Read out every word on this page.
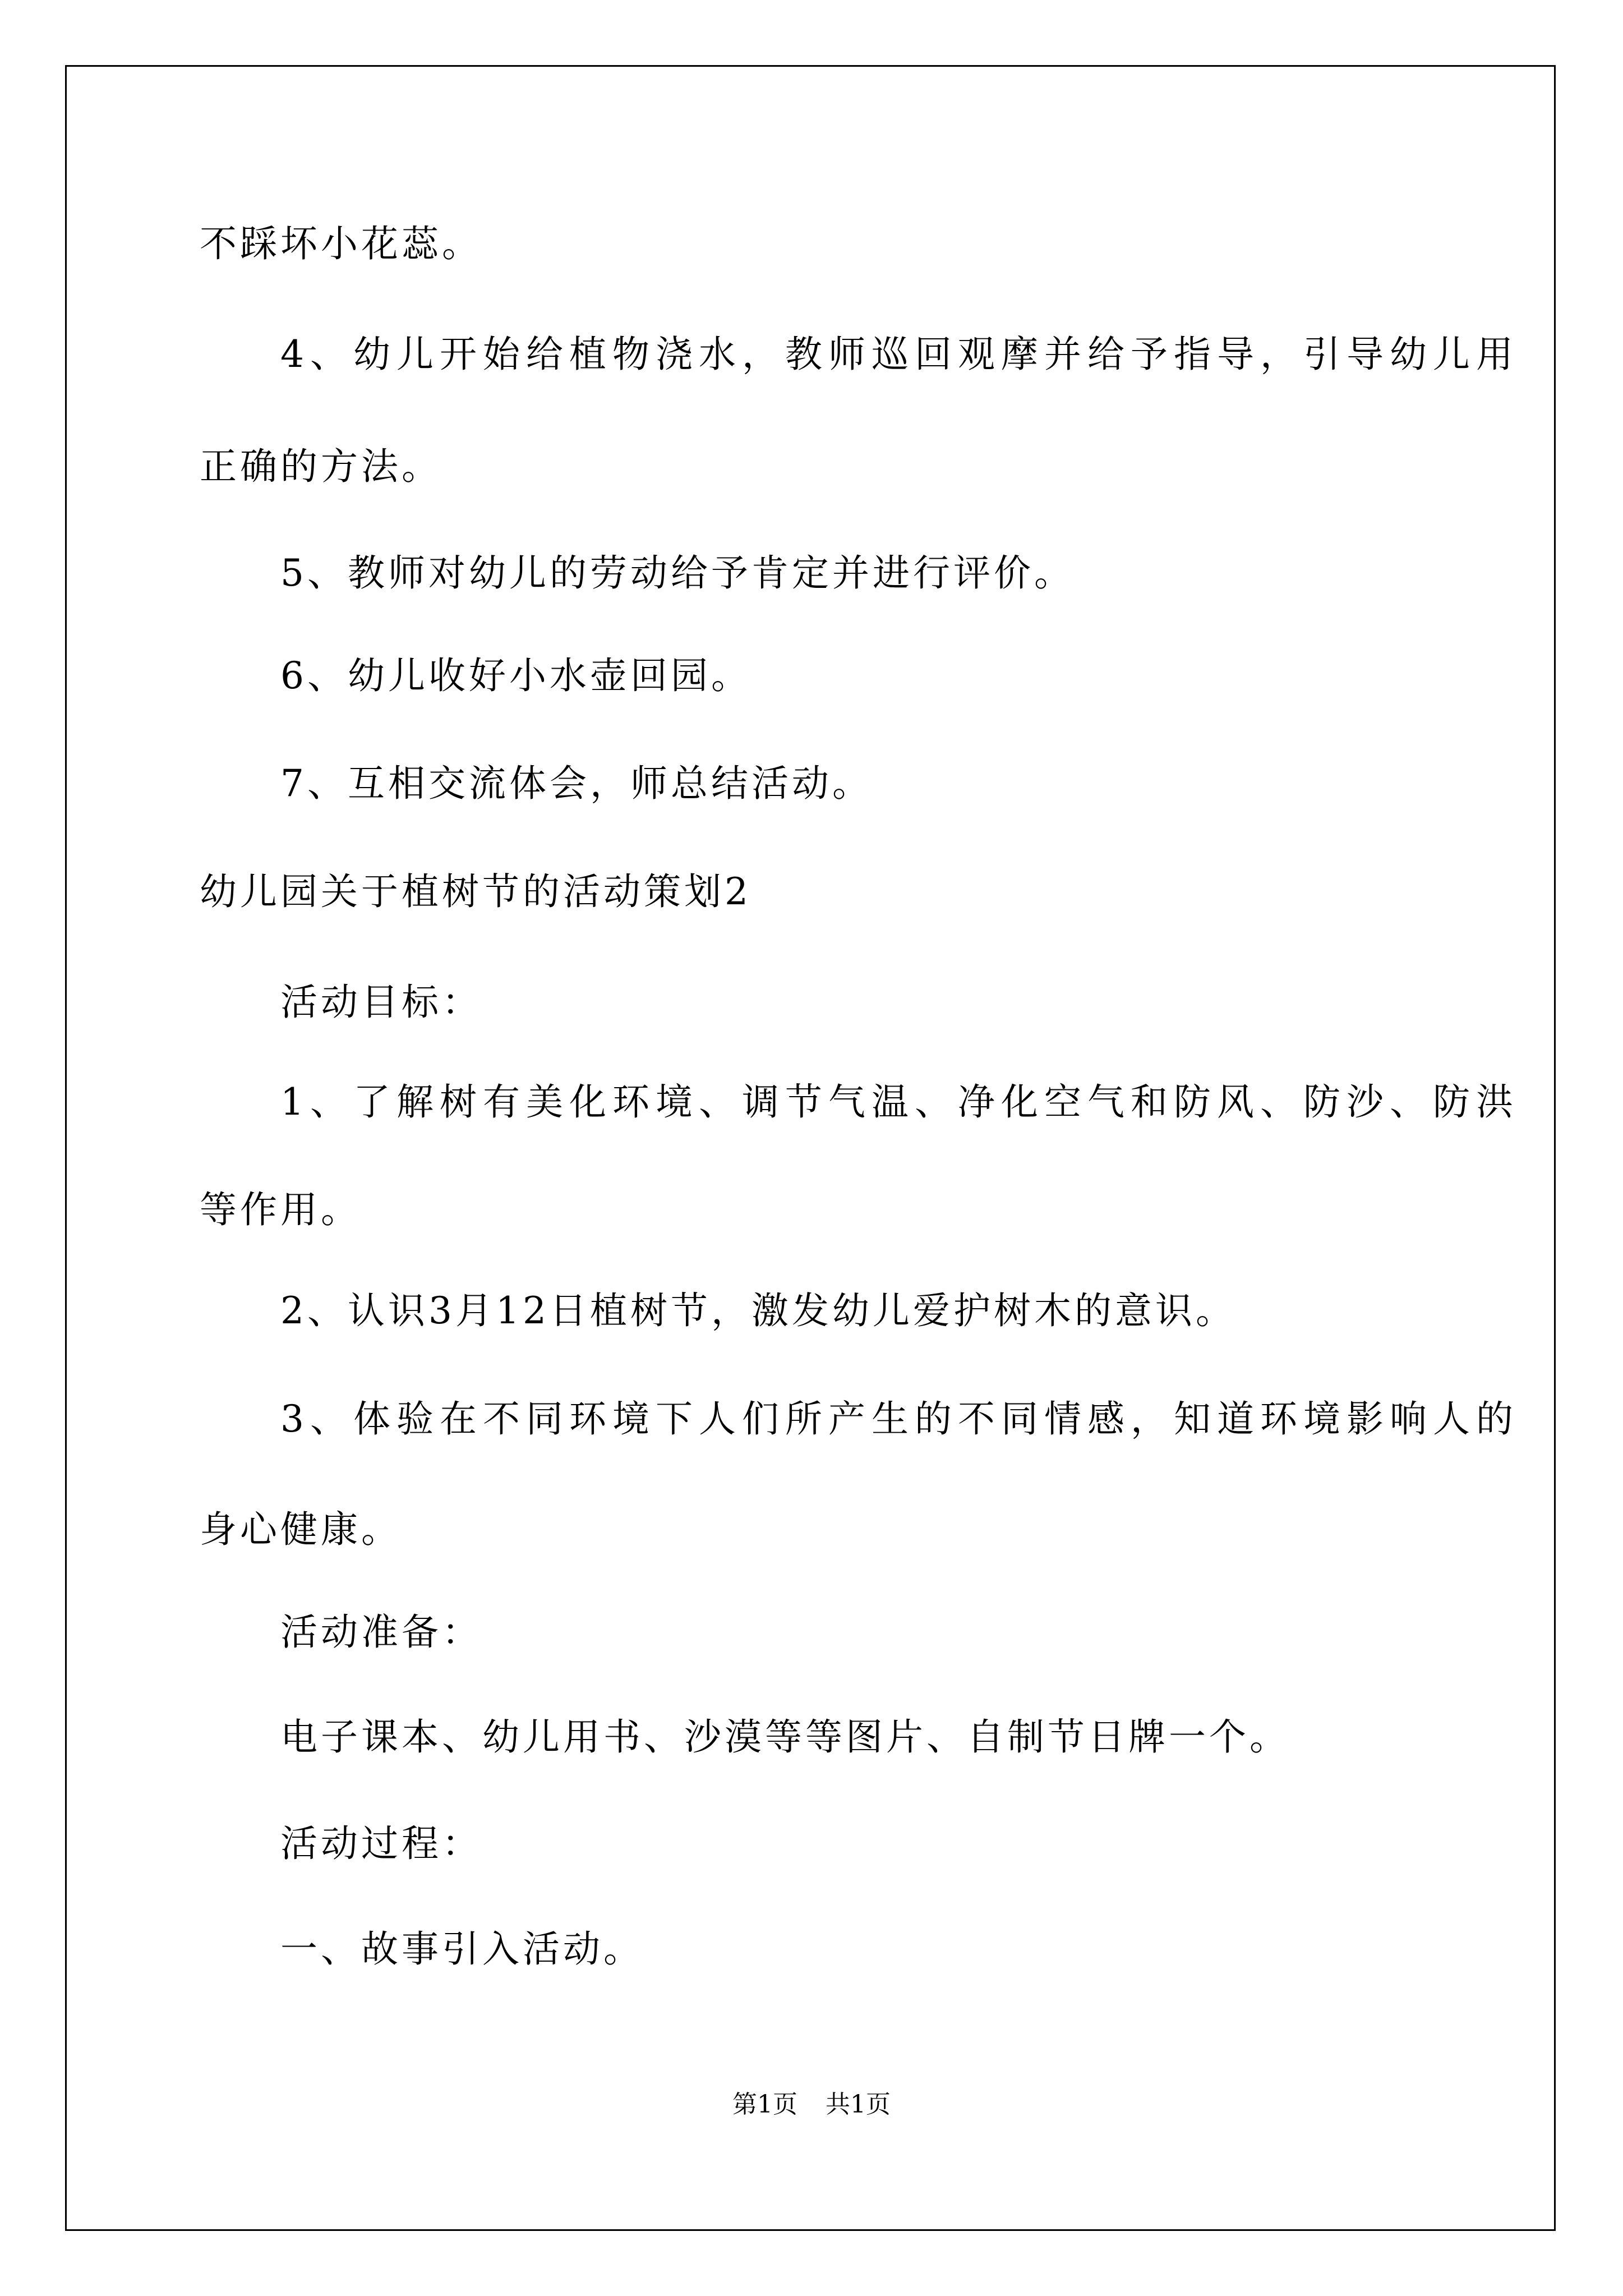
不踩坏小花蕊。

4、幼儿开始给植物浇水，教师巡回观摩并给予指导，引导幼儿用

正确的方法。

5、教师对幼儿的劳动给予肯定并进行评价。

6、幼儿收好小水壶回园。

7、互相交流体会，师总结活动。

幼儿园关于植树节的活动策划2

活动目标：

1、了解树有美化环境、调节气温、净化空气和防风、防沙、防洪

等作用。

2、认识3月12日植树节，激发幼儿爱护树木的意识。

3、体验在不同环境下人们所产生的不同情感，知道环境影响人的

身心健康。

活动准备：

电子课本、幼儿用书、沙漠等等图片、自制节日牌一个。

活动过程：

一、故事引入活动。

第1页 共1页
